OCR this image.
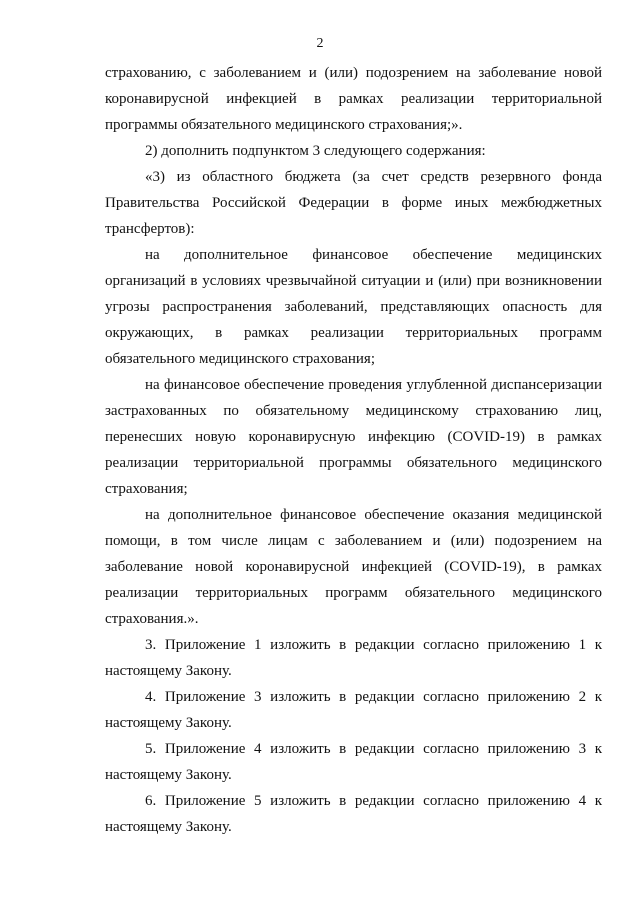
2

страхованию, с заболеванием и (или) подозрением на заболевание новой коронавирусной инфекцией в рамках реализации территориальной программы обязательного медицинского страхования;».

2) дополнить подпунктом 3 следующего содержания:

«3) из областного бюджета (за счет средств резервного фонда Правительства Российской Федерации в форме иных межбюджетных трансфертов):

на дополнительное финансовое обеспечение медицинских организаций в условиях чрезвычайной ситуации и (или) при возникновении угрозы распространения заболеваний, представляющих опасность для окружающих, в рамках реализации территориальных программ обязательного медицинского страхования;

на финансовое обеспечение проведения углубленной диспансеризации застрахованных по обязательному медицинскому страхованию лиц, перенесших новую коронавирусную инфекцию (COVID-19) в рамках реализации территориальной программы обязательного медицинского страхования;

на дополнительное финансовое обеспечение оказания медицинской помощи, в том числе лицам с заболеванием и (или) подозрением на заболевание новой коронавирусной инфекцией (COVID-19), в рамках реализации территориальных программ обязательного медицинского страхования.».

3. Приложение 1 изложить в редакции согласно приложению 1 к настоящему Закону.

4. Приложение 3 изложить в редакции согласно приложению 2 к настоящему Закону.

5. Приложение 4 изложить в редакции согласно приложению 3 к настоящему Закону.

6. Приложение 5 изложить в редакции согласно приложению 4 к настоящему Закону.
